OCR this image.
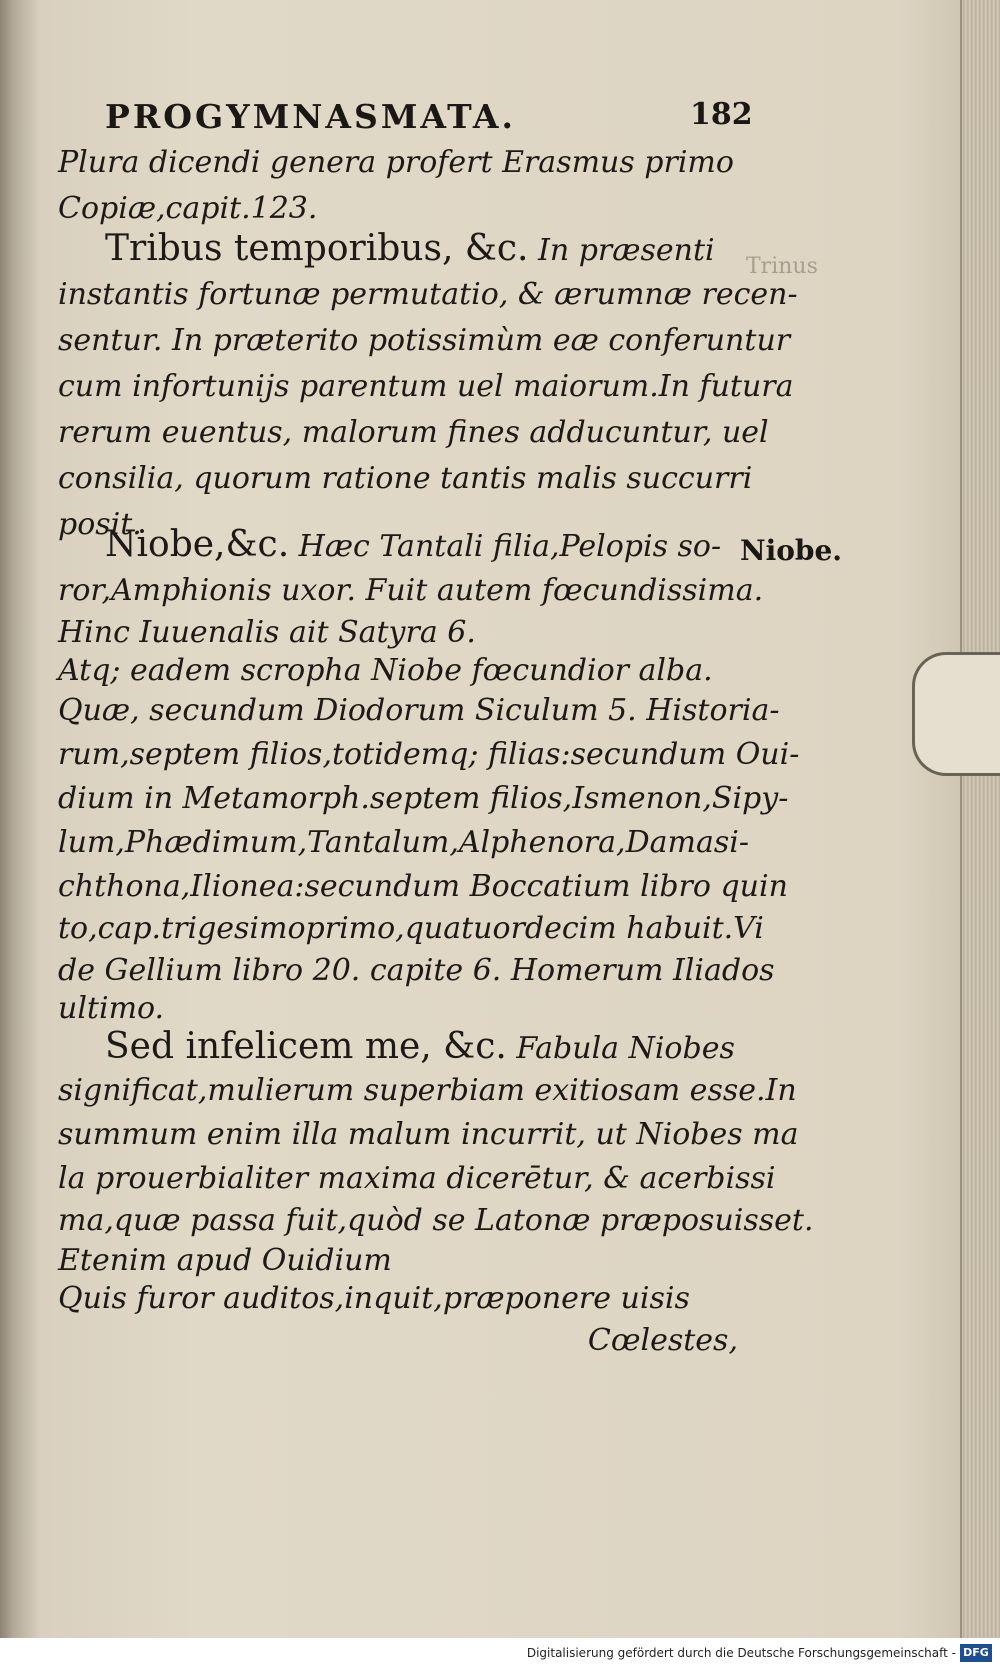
Trinus
PROGYMNASMATA.	182
Niobe.
Plura dicendi genera profert Erasmus primo
Copiæ,capit.123.
Tribus temporibus, &c. In præsenti
instantis fortunæ permutatio, & ærumnæ recen-
sentur. In præterito potissimùm eæ conferuntur
cum infortunijs parentum uel maiorum.In futura
rerum euentus, malorum fines adducuntur, uel
consilia, quorum ratione tantis malis succurri
posit.
Niobe,&c. Hæc Tantali filia,Pelopis so-
ror,Amphionis uxor. Fuit autem fœcundissima.
Hinc Iuuenalis ait Satyra 6.
Atq; eadem scropha Niobe fœcundior alba.
Quæ, secundum Diodorum Siculum 5. Historia-
rum,septem filios,totidemq; filias:secundum Oui-
dium in Metamorph.septem filios,Ismenon,Sipy-
lum,Phædimum,Tantalum,Alphenora,Damasi-
chthona,Ilionea:secundum Boccatium libro quin
to,cap.trigesimoprimo,quatuordecim habuit.Vi
de Gellium libro 20. capite 6. Homerum Iliados
ultimo.
Sed infelicem me, &c. Fabula Niobes
significat,mulierum superbiam exitiosam esse.In
summum enim illa malum incurrit, ut Niobes ma
la prouerbialiter maxima dicerētur, & acerbissi
ma,quæ passa fuit,quòd se Latonæ præposuisset.
Etenim apud Ouidium
Quis furor auditos,inquit,præponere uisis
Cœlestes,
Digitalisierung gefördert durch die Deutsche Forschungsgemeinschaft - DFG
